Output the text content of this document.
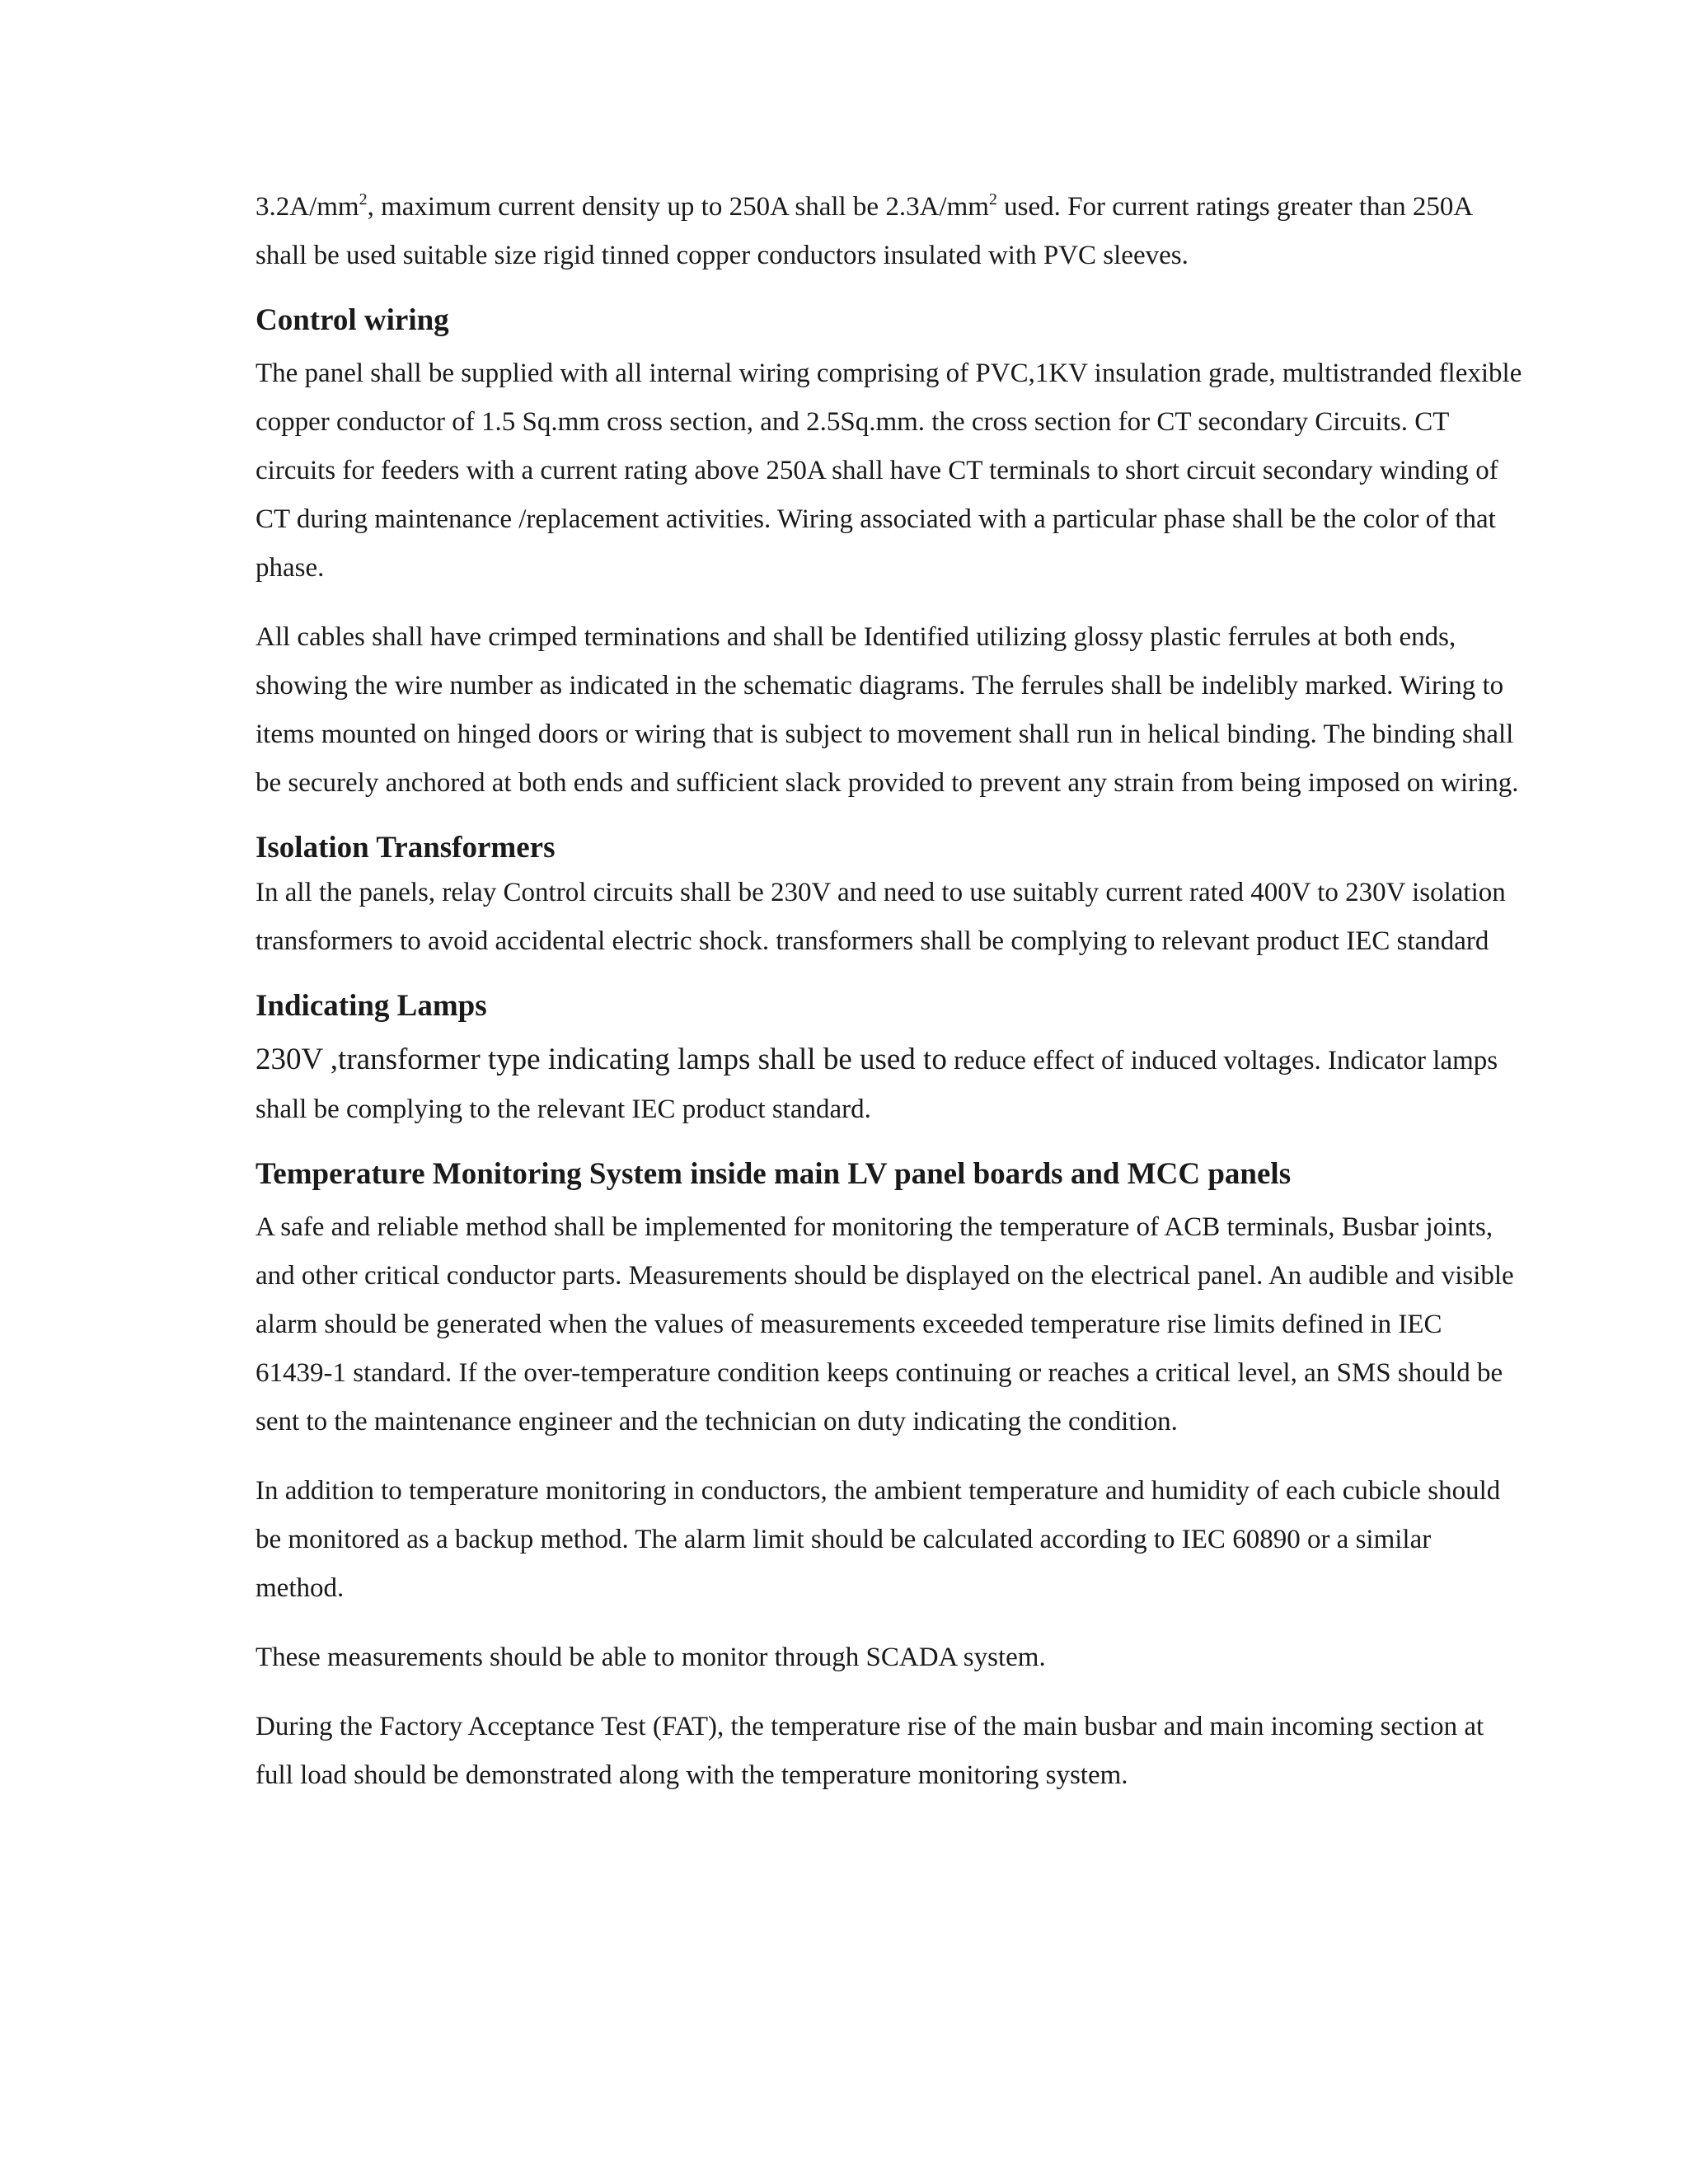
$3.2A/mm^2$, maximum current density up to 250A shall be $2.3A/mm^2$ used. For current ratings greater than 250A shall be used suitable size rigid tinned copper conductors insulated with PVC sleeves.

Control wiring

The panel shall be supplied with all internal wiring comprising of PVC,1KV insulation grade, multistranded flexible copper conductor of 1.5 Sq.mm cross section, and 2.5Sq.mm. the cross section for CT secondary Circuits. CT circuits for feeders with a current rating above 250A shall have CT terminals to short circuit secondary winding of CT during maintenance /replacement activities. Wiring associated with a particular phase shall be the color of that phase.

All cables shall have crimped terminations and shall be Identified utilizing glossy plastic ferrules at both ends, showing the wire number as indicated in the schematic diagrams. The ferrules shall be indelibly marked. Wiring to items mounted on hinged doors or wiring that is subject to movement shall run in helical binding. The binding shall be securely anchored at both ends and sufficient slack provided to prevent any strain from being imposed on wiring.

Isolation Transformers

In all the panels, relay Control circuits shall be 230V and need to use suitably current rated 400V to 230V isolation transformers to avoid accidental electric shock. transformers shall be complying to relevant product IEC standard

Indicating Lamps

230V ,transformer type indicating lamps shall be used to reduce effect of induced voltages. Indicator lamps shall be complying to the relevant IEC product standard.

Temperature Monitoring System inside main LV panel boards and MCC panels

A safe and reliable method shall be implemented for monitoring the temperature of ACB terminals, Busbar joints, and other critical conductor parts. Measurements should be displayed on the electrical panel. An audible and visible alarm should be generated when the values of measurements exceeded temperature rise limits defined in IEC 61439-1 standard. If the over-temperature condition keeps continuing or reaches a critical level, an SMS should be sent to the maintenance engineer and the technician on duty indicating the condition.

In addition to temperature monitoring in conductors, the ambient temperature and humidity of each cubicle should be monitored as a backup method. The alarm limit should be calculated according to IEC 60890 or a similar method.

These measurements should be able to monitor through SCADA system.

During the Factory Acceptance Test (FAT), the temperature rise of the main busbar and main incoming section at full load should be demonstrated along with the temperature monitoring system.
